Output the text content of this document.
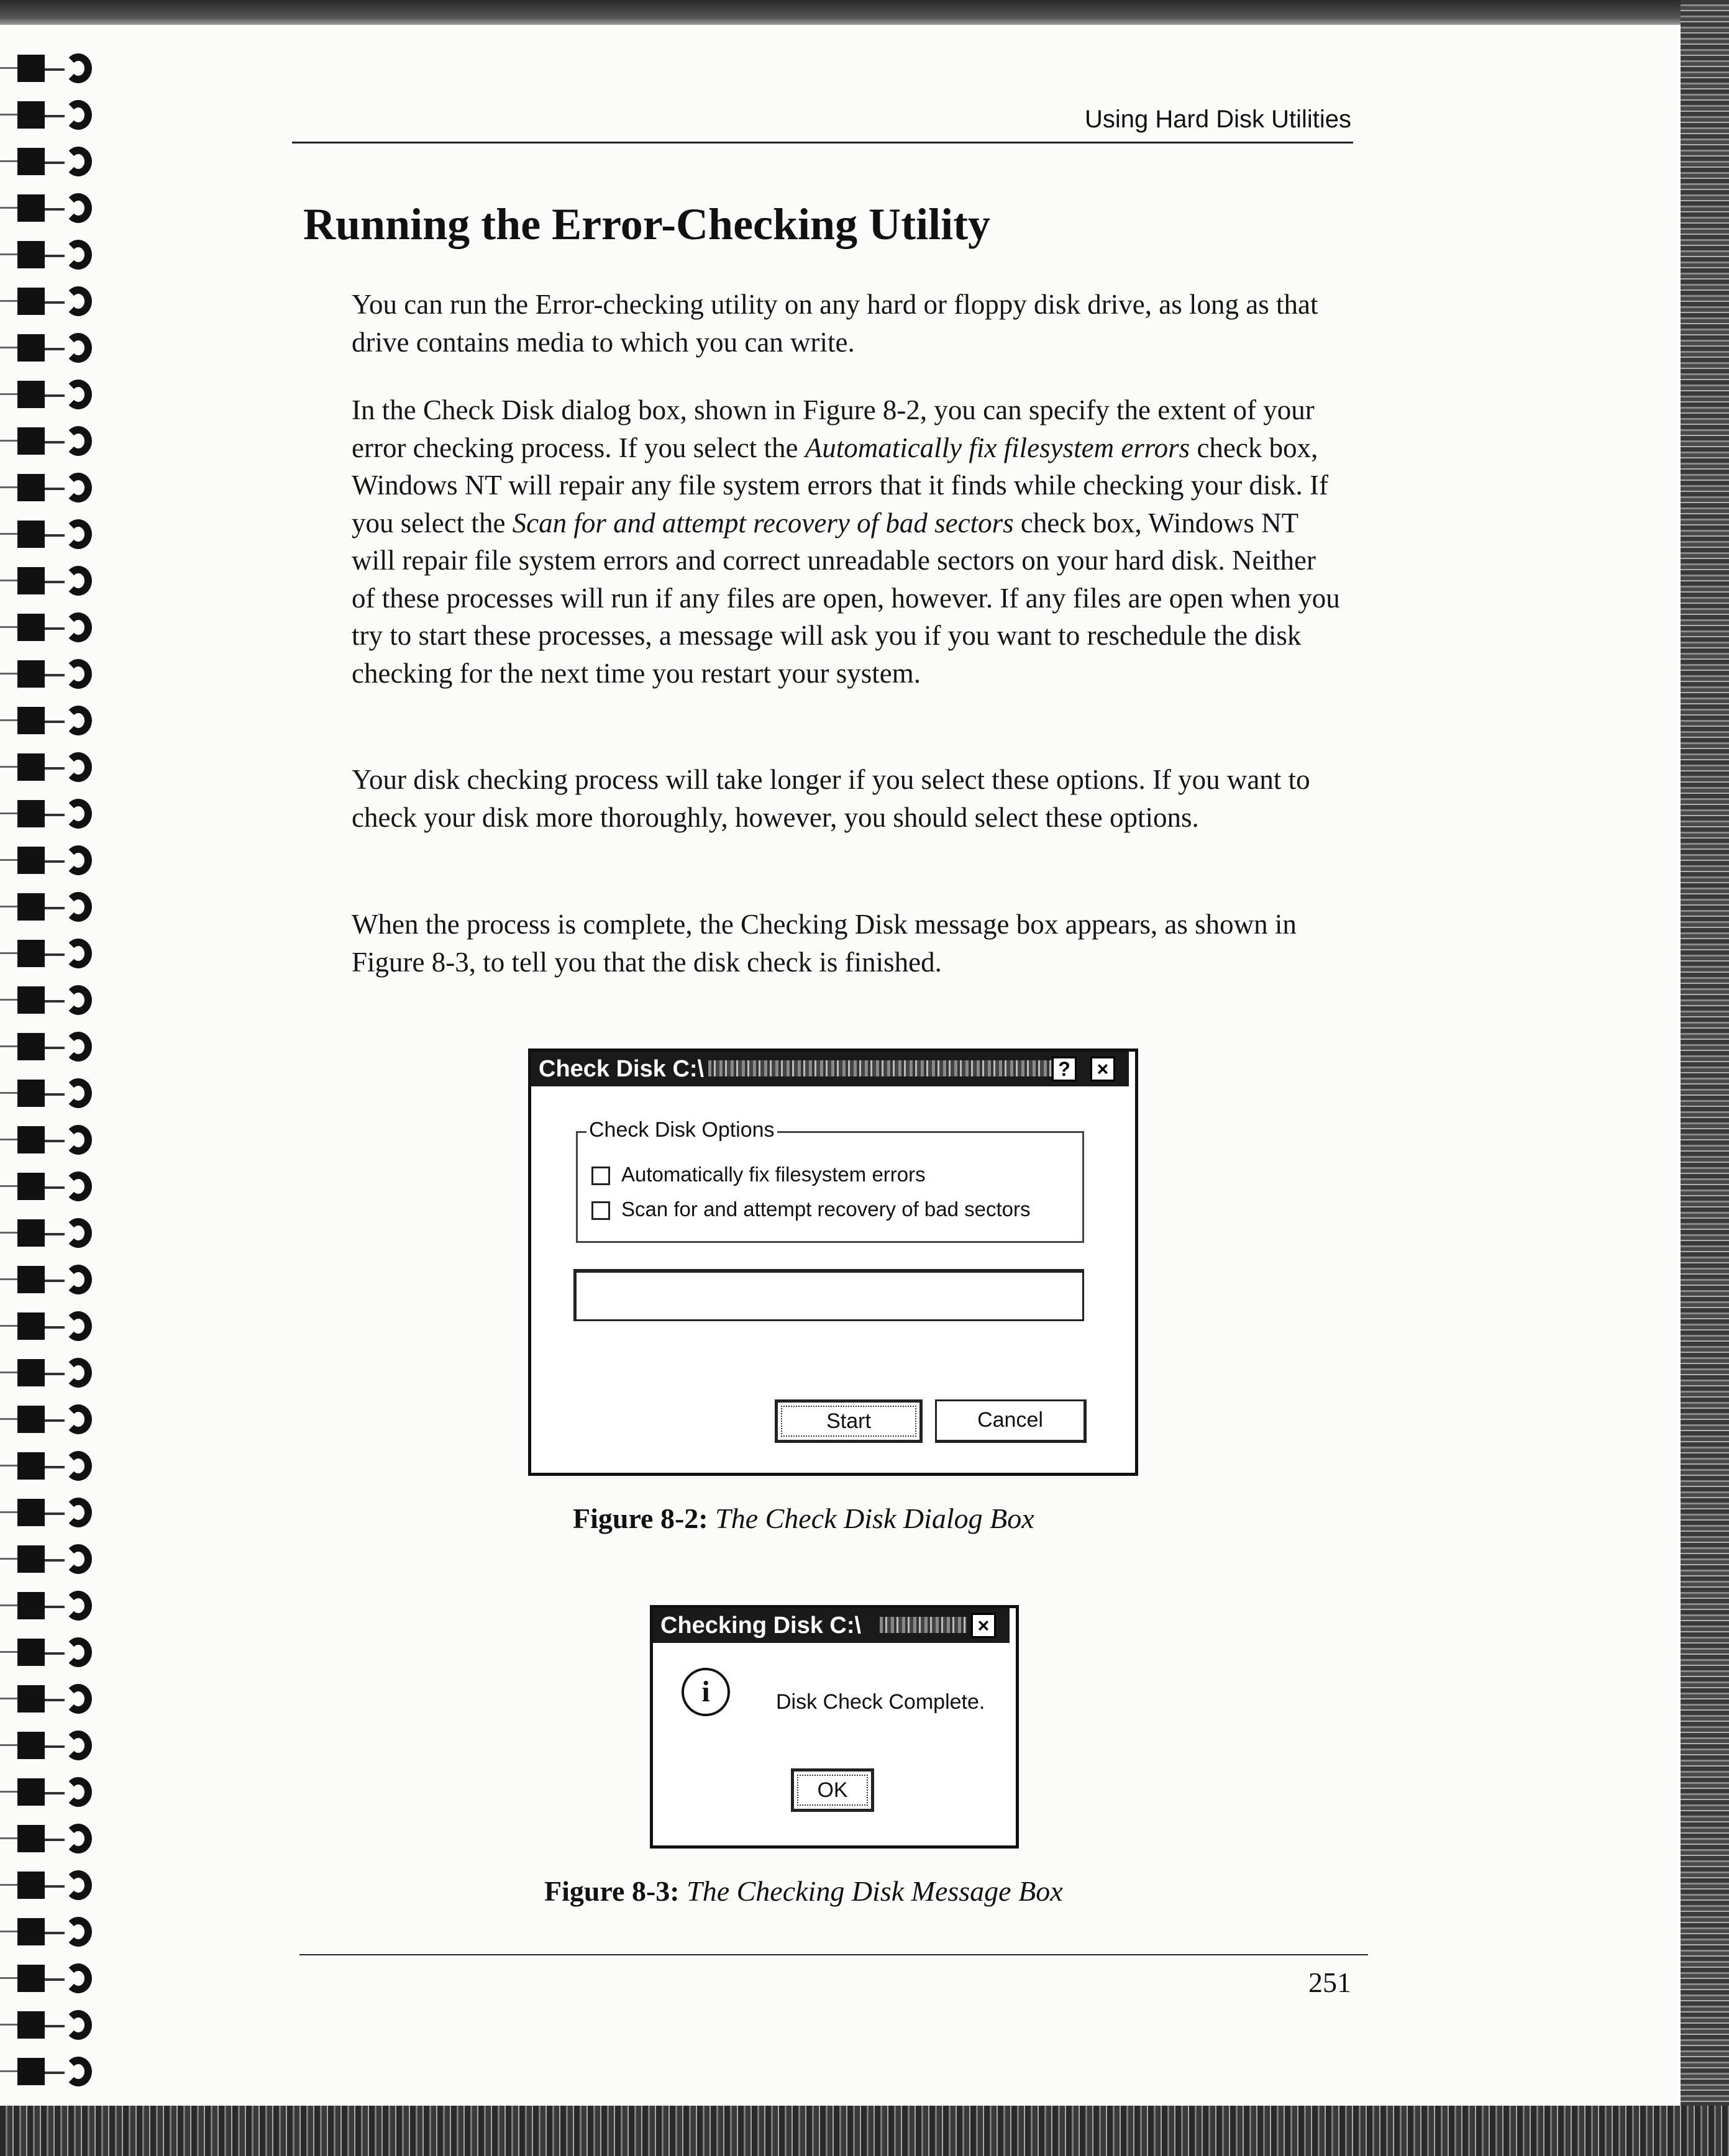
Using Hard Disk Utilities
Running the Error-Checking Utility

You can run the Error-checking utility on any hard or floppy disk drive, as long as that drive contains media to which you can write.

In the Check Disk dialog box, shown in Figure 8-2, you can specify the extent of your error checking process. If you select the Automatically fix filesystem errors check box, Windows NT will repair any file system errors that it finds while checking your disk. If you select the Scan for and attempt recovery of bad sectors check box, Windows NT will repair file system errors and correct unreadable sectors on your hard disk. Neither of these processes will run if any files are open, however. If any files are open when you try to start these processes, a message will ask you if you want to reschedule the disk checking for the next time you restart your system.

Your disk checking process will take longer if you select these options. If you want to check your disk more thoroughly, however, you should select these options.

When the process is complete, the Checking Disk message box appears, as shown in Figure 8-3, to tell you that the disk check is finished.

Check Disk C:\	?	×
Check Disk Options
Automatically fix filesystem errors
Scan for and attempt recovery of bad sectors
Start	Cancel
Figure 8-2: The Check Disk Dialog Box
Checking Disk C:\	×
i	Disk Check Complete.
OK
Figure 8-3: The Checking Disk Message Box
251
